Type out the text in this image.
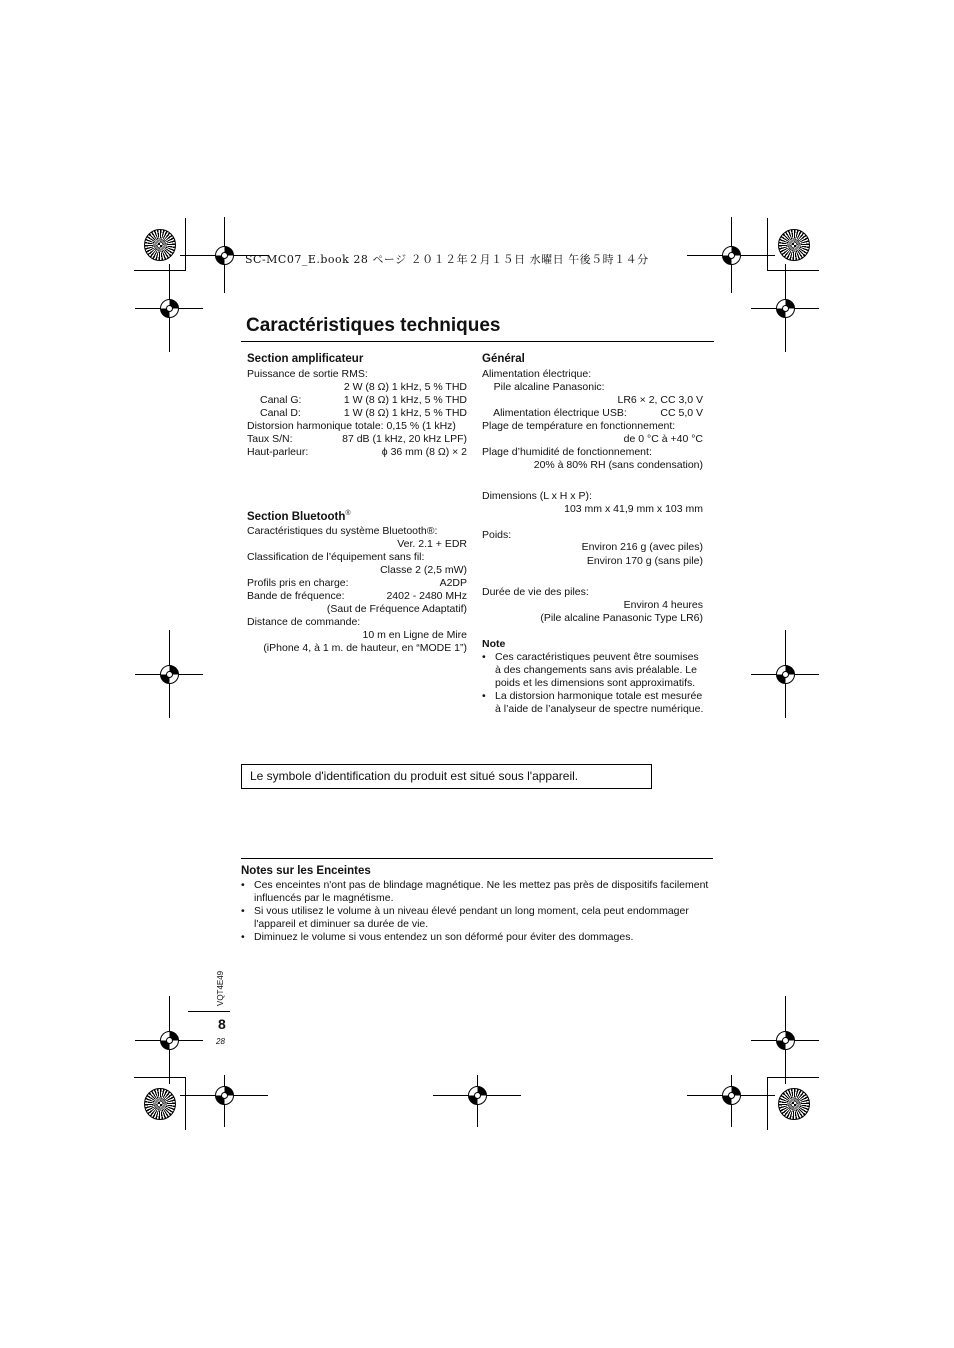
SC-MC07_E.book 28 ページ ２０１２年２月１５日 水曜日 午後５時１４分
Caractéristiques techniques
Section amplificateur
Puissance de sortie RMS:
2 W (8 Ω) 1 kHz, 5 % THD
Canal G:	1 W (8 Ω) 1 kHz, 5 % THD
Canal D:	1 W (8 Ω) 1 kHz, 5 % THD
Distorsion harmonique totale: 0,15 % (1 kHz)
Taux S/N:	87 dB (1 kHz, 20 kHz LPF)
Haut-parleur:	ϕ 36 mm (8 Ω) × 2
Section Bluetooth®
Caractéristiques du système Bluetooth®:
Ver. 2.1 + EDR
Classification de l’équipement sans fil:
Classe 2 (2,5 mW)
Profils pris en charge:	A2DP
Bande de fréquence:	2402 - 2480 MHz
(Saut de Fréquence Adaptatif)
Distance de commande:
10 m en Ligne de Mire
(iPhone 4, à 1 m. de hauteur, en “MODE 1”)
Général
Alimentation électrique:
Pile alcaline Panasonic:
LR6 × 2, CC 3,0 V
Alimentation électrique USB:	CC 5,0 V
Plage de température en fonctionnement:
de 0 °C à +40 °C
Plage d’humidité de fonctionnement:
20% à 80% RH (sans condensation)
Dimensions (L x H x P):
103 mm x 41,9 mm x 103 mm
Poids:
Environ 216 g (avec piles)
Environ 170 g (sans pile)
Durée de vie des piles:
Environ 4 heures
(Pile alcaline Panasonic Type LR6)
Note
• Ces caractéristiques peuvent être soumises à des changements sans avis préalable. Le poids et les dimensions sont approximatifs.
• La distorsion harmonique totale est mesurée à l’aide de l’analyseur de spectre numérique.
Le symbole d'identification du produit est situé sous l'appareil.
Notes sur les Enceintes
• Ces enceintes n'ont pas de blindage magnétique. Ne les mettez pas près de dispositifs facilement influencés par le magnétisme.
• Si vous utilisez le volume à un niveau élevé pendant un long moment, cela peut endommager l'appareil et diminuer sa durée de vie.
• Diminuez le volume si vous entendez un son déformé pour éviter des dommages.
VQT4E49
8
28
